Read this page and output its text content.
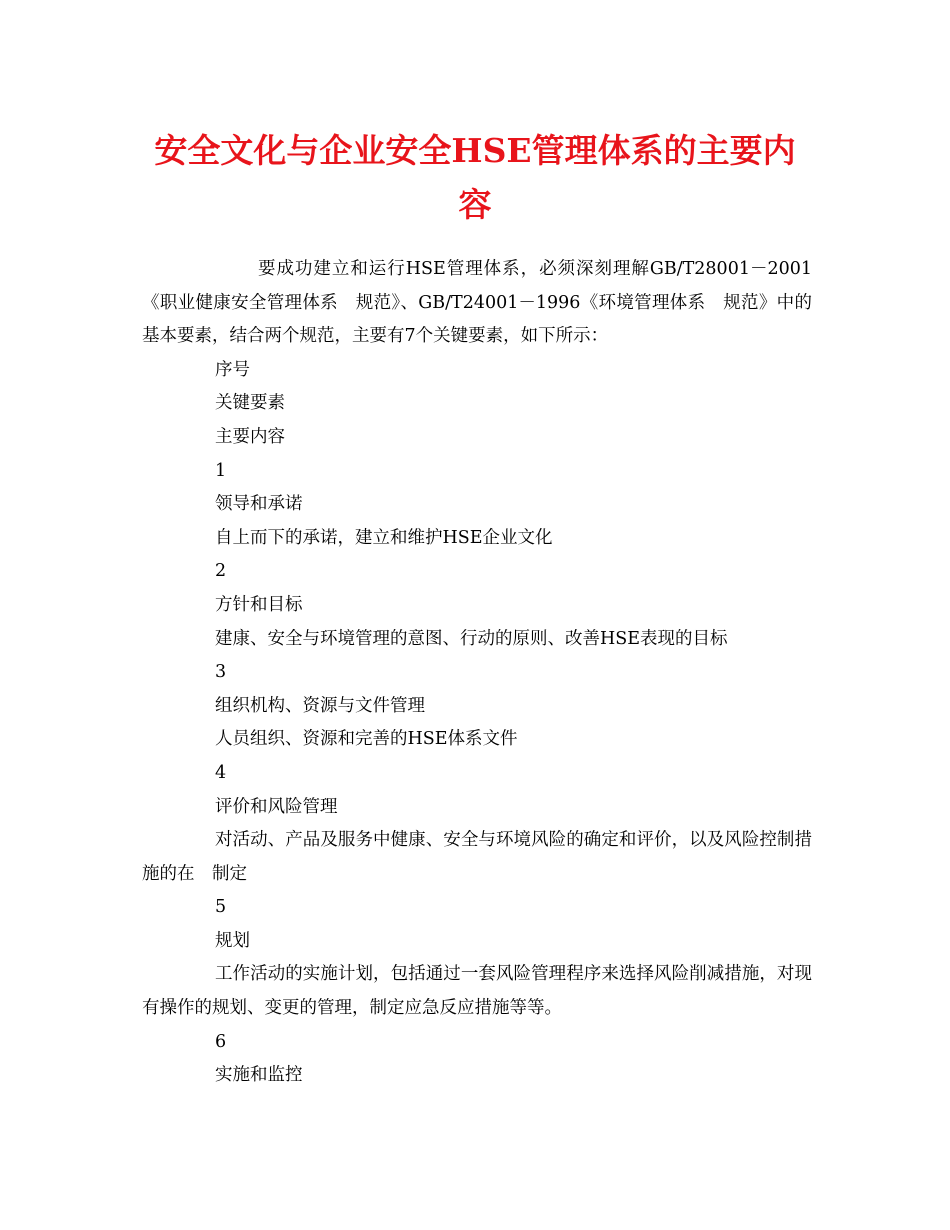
安全文化与企业安全HSE管理体系的主要内容

要成功建立和运行HSE管理体系，必须深刻理解GB/T28001－2001《职业健康安全管理体系　规范》、GB/T24001－1996《环境管理体系　规范》中的基本要素，结合两个规范，主要有7个关键要素，如下所示：

序号

关键要素

主要内容

1

领导和承诺

自上而下的承诺，建立和维护HSE企业文化

2

方针和目标

建康、安全与环境管理的意图、行动的原则、改善HSE表现的目标

3

组织机构、资源与文件管理

人员组织、资源和完善的HSE体系文件

4

评价和风险管理

对活动、产品及服务中健康、安全与环境风险的确定和评价，以及风险控制措施的在　制定

5

规划

工作活动的实施计划，包括通过一套风险管理程序来选择风险削减措施，对现有操作的规划、变更的管理，制定应急反应措施等等。

6

实施和监控
